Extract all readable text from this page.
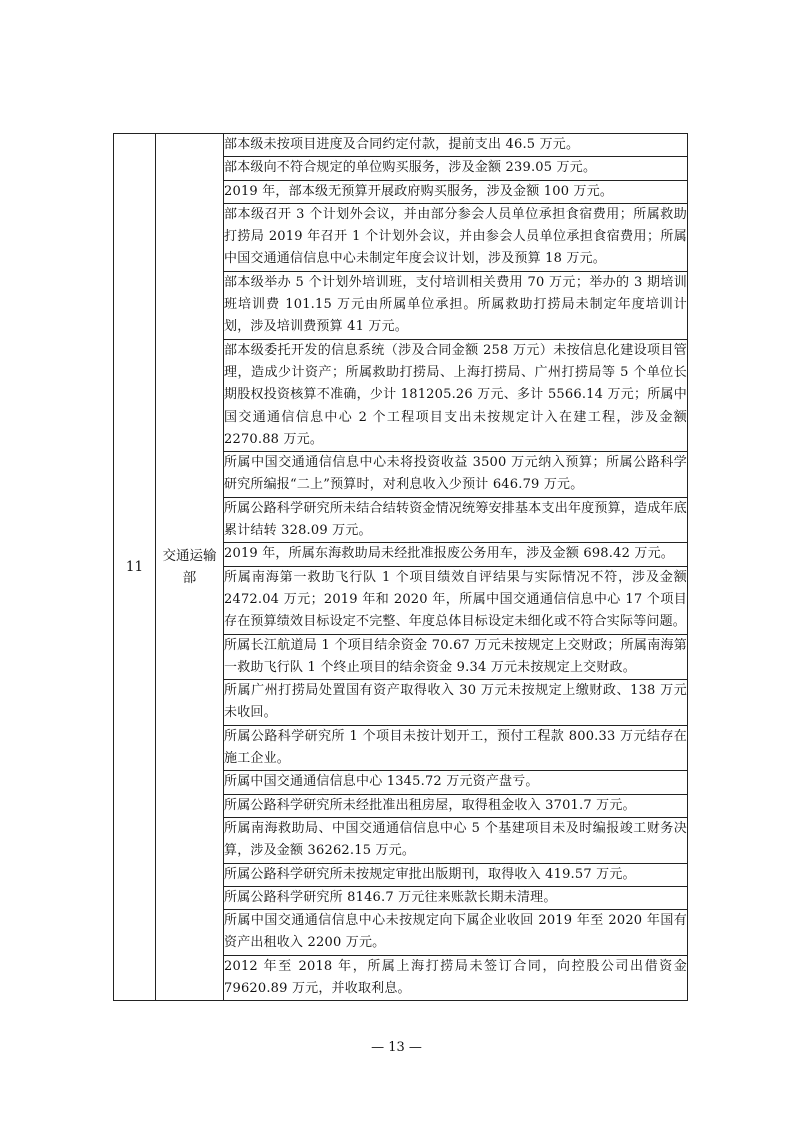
11	交通运输部	部本级未按项目进度及合同约定付款，提前支出 46.5 万元。
部本级向不符合规定的单位购买服务，涉及金额 239.05 万元。
2019 年，部本级无预算开展政府购买服务，涉及金额 100 万元。
部本级召开 3 个计划外会议，并由部分参会人员单位承担食宿费用；所属救助打捞局 2019 年召开 1 个计划外会议，并由参会人员单位承担食宿费用；所属中国交通通信信息中心未制定年度会议计划，涉及预算 18 万元。
部本级举办 5 个计划外培训班，支付培训相关费用 70 万元；举办的 3 期培训班培训费 101.15 万元由所属单位承担。所属救助打捞局未制定年度培训计划，涉及培训费预算 41 万元。
部本级委托开发的信息系统（涉及合同金额 258 万元）未按信息化建设项目管理，造成少计资产；所属救助打捞局、上海打捞局、广州打捞局等 5 个单位长期股权投资核算不准确，少计 181205.26 万元、多计 5566.14 万元；所属中国交通通信信息中心 2 个工程项目支出未按规定计入在建工程，涉及金额 2270.88 万元。
所属中国交通通信信息中心未将投资收益 3500 万元纳入预算；所属公路科学研究所编报“二上”预算时，对利息收入少预计 646.79 万元。
所属公路科学研究所未结合结转资金情况统筹安排基本支出年度预算，造成年底累计结转 328.09 万元。
2019 年，所属东海救助局未经批准报废公务用车，涉及金额 698.42 万元。
所属南海第一救助飞行队 1 个项目绩效自评结果与实际情况不符，涉及金额 2472.04 万元；2019 年和 2020 年，所属中国交通通信信息中心 17 个项目存在预算绩效目标设定不完整、年度总体目标设定未细化或不符合实际等问题。
所属长江航道局 1 个项目结余资金 70.67 万元未按规定上交财政；所属南海第一救助飞行队 1 个终止项目的结余资金 9.34 万元未按规定上交财政。
所属广州打捞局处置国有资产取得收入 30 万元未按规定上缴财政、138 万元未收回。
所属公路科学研究所 1 个项目未按计划开工，预付工程款 800.33 万元结存在施工企业。
所属中国交通通信信息中心 1345.72 万元资产盘亏。
所属公路科学研究所未经批准出租房屋，取得租金收入 3701.7 万元。
所属南海救助局、中国交通通信信息中心 5 个基建项目未及时编报竣工财务决算，涉及金额 36262.15 万元。
所属公路科学研究所未按规定审批出版期刊，取得收入 419.57 万元。
所属公路科学研究所 8146.7 万元往来账款长期未清理。
所属中国交通通信信息中心未按规定向下属企业收回 2019 年至 2020 年国有资产出租收入 2200 万元。
2012 年至 2018 年，所属上海打捞局未签订合同，向控股公司出借资金 79620.89 万元，并收取利息。
— 13 —
